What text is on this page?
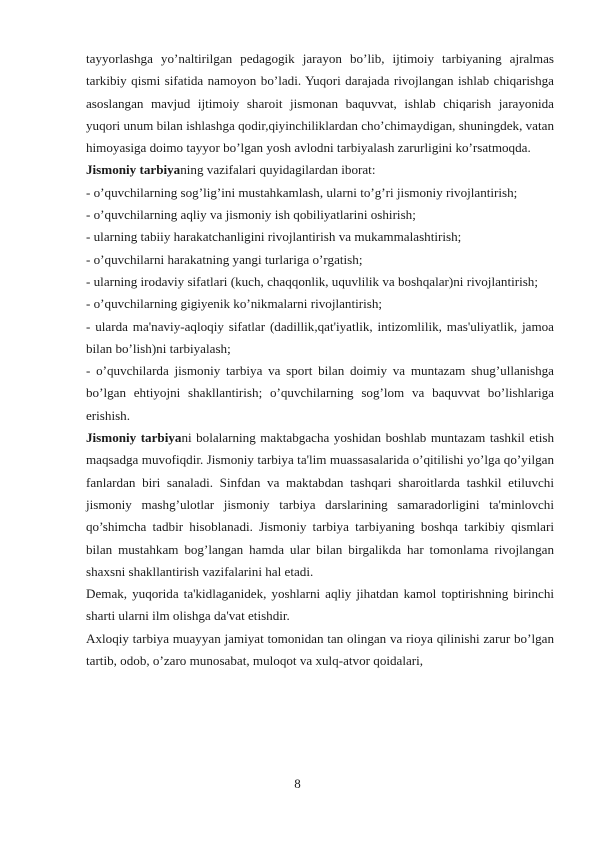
tayyorlashga yo’naltirilgan pedagogik jarayon bo’lib, ijtimoiy tarbiyaning ajralmas tarkibiy qismi sifatida namoyon bo’ladi. Yuqori darajada rivojlangan ishlab chiqarishga asoslangan mavjud ijtimoiy sharoit jismonan baquvvat, ishlab chiqarish jarayonida yuqori unum bilan ishlashga qodir,qiyinchiliklardan cho’chimaydigan, shuningdek, vatan himoyasiga doimo tayyor bo’lgan yosh avlodni tarbiyalash zarurligini ko’rsatmoqda.

Jismoniy tarbiyaning vazifalari quyidagilardan iborat:

- o’quvchilarning sog’lig’ini mustahkamlash, ularni to’g’ri jismoniy rivojlantirish;

- o’quvchilarning aqliy va jismoniy ish qobiliyatlarini oshirish;

- ularning tabiiy harakatchanligini rivojlantirish va mukammalashtirish;

- o’quvchilarni harakatning yangi turlariga o’rgatish;

- ularning irodaviy sifatlari (kuch, chaqqonlik, uquvlilik va boshqalar)ni rivojlantirish;

- o’quvchilarning gigiyenik ko’nikmalarni rivojlantirish;

- ularda ma'naviy-aqloqiy sifatlar (dadillik,qat'iyatlik, intizomlilik, mas'uliyatlik, jamoa bilan bo’lish)ni tarbiyalash;

- o’quvchilarda jismoniy tarbiya va sport bilan doimiy va muntazam shug’ullanishga bo’lgan ehtiyojni shakllantirish; o’quvchilarning sog’lom va baquvvat bo’lishlariga erishish.

Jismoniy tarbiyani bolalarning maktabgacha yoshidan boshlab muntazam tashkil etish maqsadga muvofiqdir. Jismoniy tarbiya ta'lim muassasalarida o’qitilishi yo’lga qo’yilgan fanlardan biri sanaladi. Sinfdan va maktabdan tashqari sharoitlarda tashkil etiluvchi jismoniy mashg’ulotlar jismoniy tarbiya darslarining samaradorligini ta'minlovchi qo’shimcha tadbir hisoblanadi. Jismoniy tarbiya tarbiyaning boshqa tarkibiy qismlari bilan mustahkam bog’langan hamda ular bilan birgalikda har tomonlama rivojlangan shaxsni shakllantirish vazifalarini hal etadi.

Demak, yuqorida ta'kidlaganidek, yoshlarni aqliy jihatdan kamol toptirishning birinchi sharti ularni ilm olishga da'vat etishdir.

Axloqiy tarbiya muayyan jamiyat tomonidan tan olingan va rioya qilinishi zarur bo’lgan tartib, odob, o’zaro munosabat, muloqot va xulq-atvor qoidalari,

8
